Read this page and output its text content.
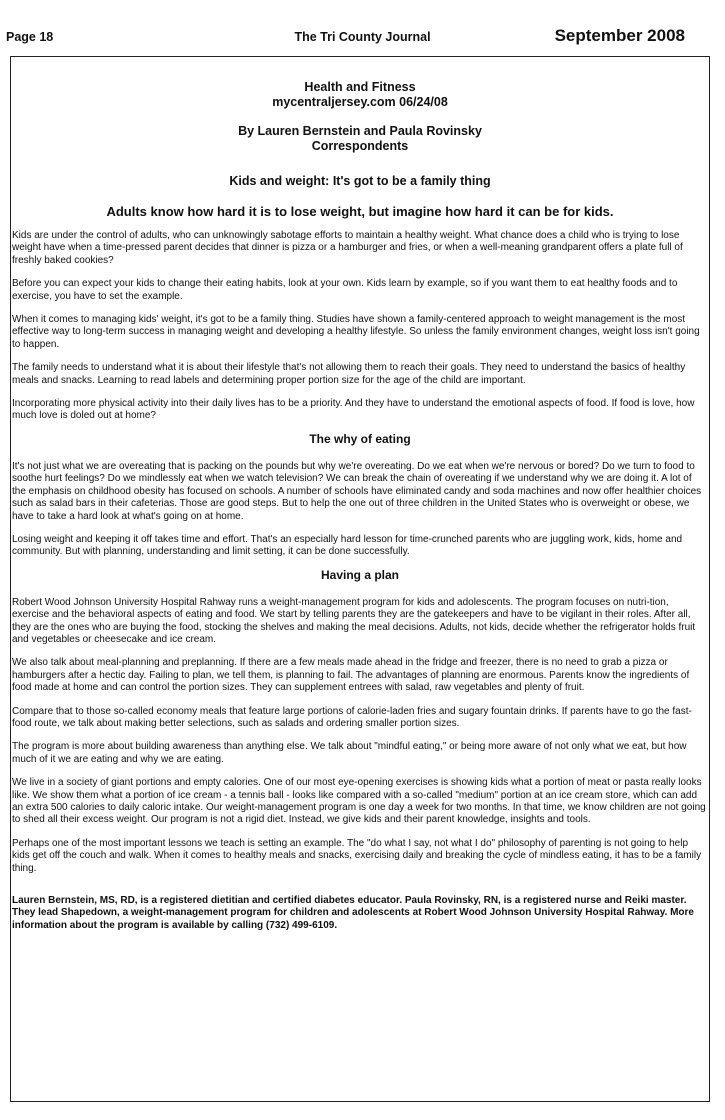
Page 18	The Tri County Journal	September 2008
Health and Fitness
mycentraljersey.com 06/24/08
By Lauren Bernstein and Paula Rovinsky
Correspondents
Kids and weight: It's got to be a family thing
Adults know how hard it is to lose weight, but imagine how hard it can be for kids.

Kids are under the control of adults, who can unknowingly sabotage efforts to maintain a healthy weight. What chance does a child who is trying to lose weight have when a time-pressed parent decides that dinner is pizza or a hamburger and fries, or when a well-meaning grandparent offers a plate full of freshly baked cookies?

Before you can expect your kids to change their eating habits, look at your own. Kids learn by example, so if you want them to eat healthy foods and to exercise, you have to set the example.

When it comes to managing kids' weight, it's got to be a family thing. Studies have shown a family-centered approach to weight management is the most effective way to long-term success in managing weight and developing a healthy lifestyle. So unless the family environment changes, weight loss isn't going to happen.

The family needs to understand what it is about their lifestyle that's not allowing them to reach their goals. They need to understand the basics of healthy meals and snacks. Learning to read labels and determining proper portion size for the age of the child are important.

Incorporating more physical activity into their daily lives has to be a priority. And they have to understand the emotional aspects of food. If food is love, how much love is doled out at home?

The why of eating

It's not just what we are overeating that is packing on the pounds but why we're overeating. Do we eat when we're nervous or bored? Do we turn to food to soothe hurt feelings? Do we mindlessly eat when we watch television? We can break the chain of overeating if we understand why we are doing it. A lot of the emphasis on childhood obesity has focused on schools. A number of schools have eliminated candy and soda machines and now offer healthier choices such as salad bars in their cafeterias. Those are good steps. But to help the one out of three children in the United States who is overweight or obese, we have to take a hard look at what's going on at home.

Losing weight and keeping it off takes time and effort. That's an especially hard lesson for time-crunched parents who are juggling work, kids, home and community. But with planning, understanding and limit setting, it can be done successfully.

Having a plan

Robert Wood Johnson University Hospital Rahway runs a weight-management program for kids and adolescents. The program focuses on nutri-tion, exercise and the behavioral aspects of eating and food. We start by telling parents they are the gatekeepers and have to be vigilant in their roles. After all, they are the ones who are buying the food, stocking the shelves and making the meal decisions. Adults, not kids, decide whether the refrigerator holds fruit and vegetables or cheesecake and ice cream.

We also talk about meal-planning and preplanning. If there are a few meals made ahead in the fridge and freezer, there is no need to grab a pizza or hamburgers after a hectic day. Failing to plan, we tell them, is planning to fail. The advantages of planning are enormous. Parents know the ingredients of food made at home and can control the portion sizes. They can supplement entrees with salad, raw vegetables and plenty of fruit.

Compare that to those so-called economy meals that feature large portions of calorie-laden fries and sugary fountain drinks. If parents have to go the fast-food route, we talk about making better selections, such as salads and ordering smaller portion sizes.

The program is more about building awareness than anything else. We talk about "mindful eating," or being more aware of not only what we eat, but how much of it we are eating and why we are eating.

We live in a society of giant portions and empty calories. One of our most eye-opening exercises is showing kids what a portion of meat or pasta really looks like. We show them what a portion of ice cream - a tennis ball - looks like compared with a so-called "medium" portion at an ice cream store, which can add an extra 500 calories to daily caloric intake. Our weight-management program is one day a week for two months. In that time, we know children are not going to shed all their excess weight. Our program is not a rigid diet. Instead, we give kids and their parent knowledge, insights and tools.

Perhaps one of the most important lessons we teach is setting an example. The "do what I say, not what I do" philosophy of parenting is not going to help kids get off the couch and walk. When it comes to healthy meals and snacks, exercising daily and breaking the cycle of mindless eating, it has to be a family thing.

Lauren Bernstein, MS, RD, is a registered dietitian and certified diabetes educator. Paula Rovinsky, RN, is a registered nurse and Reiki master. They lead Shapedown, a weight-management program for children and adolescents at Robert Wood Johnson University Hospital Rahway. More information about the program is available by calling (732) 499-6109.
